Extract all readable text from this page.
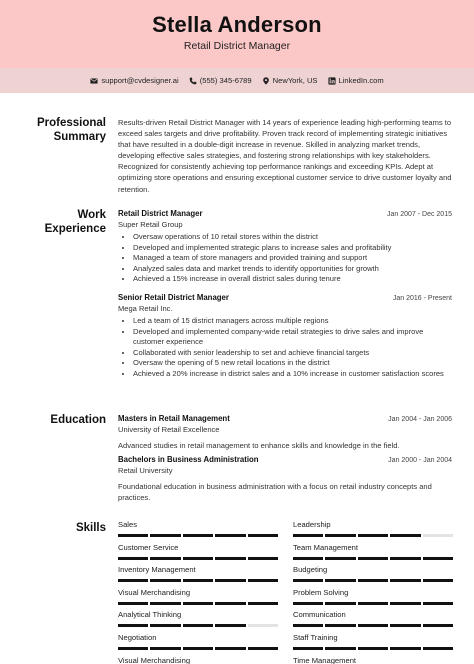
Stella Anderson
Retail District Manager
support@cvdesigner.ai	(555) 345-6789	NewYork, US	LinkedIn.com
Professional
Summary
Results-driven Retail District Manager with 14 years of experience leading high-performing teams to exceed sales targets and drive profitability. Proven track record of implementing strategic initiatives that have resulted in a double-digit increase in revenue. Skilled in analyzing market trends, developing effective sales strategies, and fostering strong relationships with key stakeholders. Recognized for consistently achieving top performance rankings and exceeding KPIs. Adept at optimizing store operations and ensuring exceptional customer service to drive customer loyalty and retention.
Work
Experience
Retail District Manager	Jan 2007 - Dec 2015
Super Retail Group
• Oversaw operations of 10 retail stores within the district
• Developed and implemented strategic plans to increase sales and profitability
• Managed a team of store managers and provided training and support
• Analyzed sales data and market trends to identify opportunities for growth
• Achieved a 15% increase in overall district sales during tenure
Senior Retail District Manager	Jan 2016 - Present
Mega Retail Inc.
• Led a team of 15 district managers across multiple regions
• Developed and implemented company-wide retail strategies to drive sales and improve customer experience
• Collaborated with senior leadership to set and achieve financial targets
• Oversaw the opening of 5 new retail locations in the district
• Achieved a 20% increase in district sales and a 10% increase in customer satisfaction scores
Education Masters in Retail Management	Jan 2004 - Jan 2006
University of Retail Excellence
Advanced studies in retail management to enhance skills and knowledge in the field.
Bachelors in Business Administration	Jan 2000 - Jan 2004
Retail University
Foundational education in business administration with a focus on retail industry concepts and practices.
Skills Sales
Customer Service
Inventory Management
Visual Merchandising
Analytical Thinking
Negotiation
Visual Merchandising
Leadership
Team Management
Budgeting
Problem Solving
Communication
Staff Training
Time Management
